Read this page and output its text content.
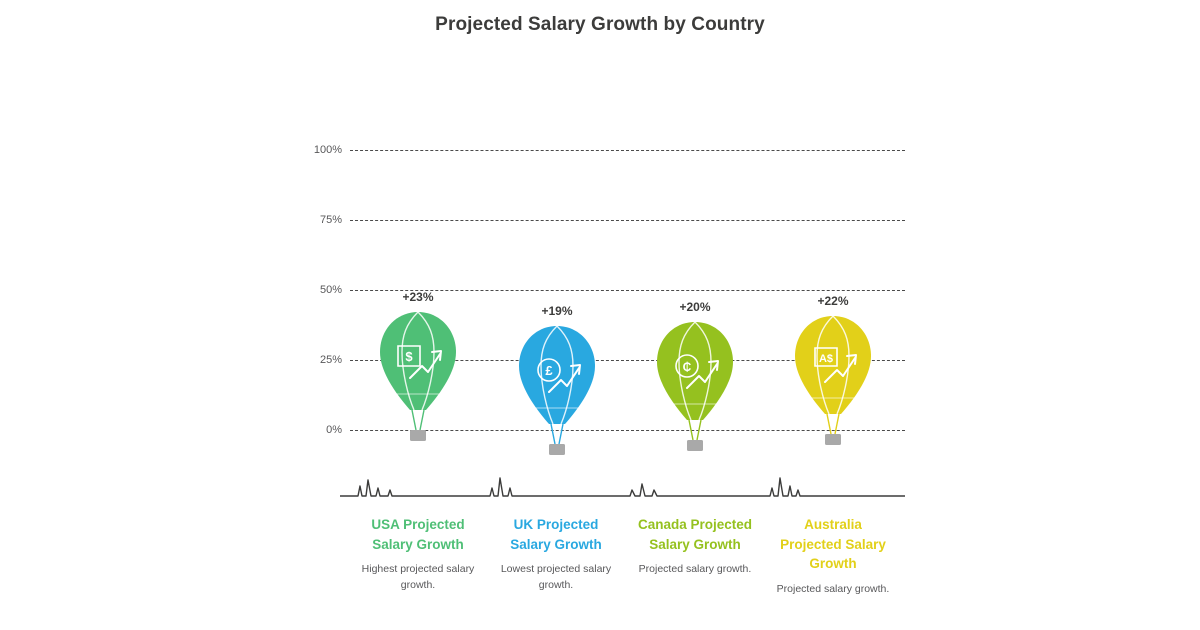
Projected Salary Growth by Country
100%
75%
50%
25%
0%
+23%
$
+19%
£
+20%
₵
+22%
A$
USA Projected Salary Growth
Highest projected salary growth.
UK Projected Salary Growth
Lowest projected salary growth.
Canada Projected Salary Growth
Projected salary growth.
Australia Projected Salary Growth
Projected salary growth.
